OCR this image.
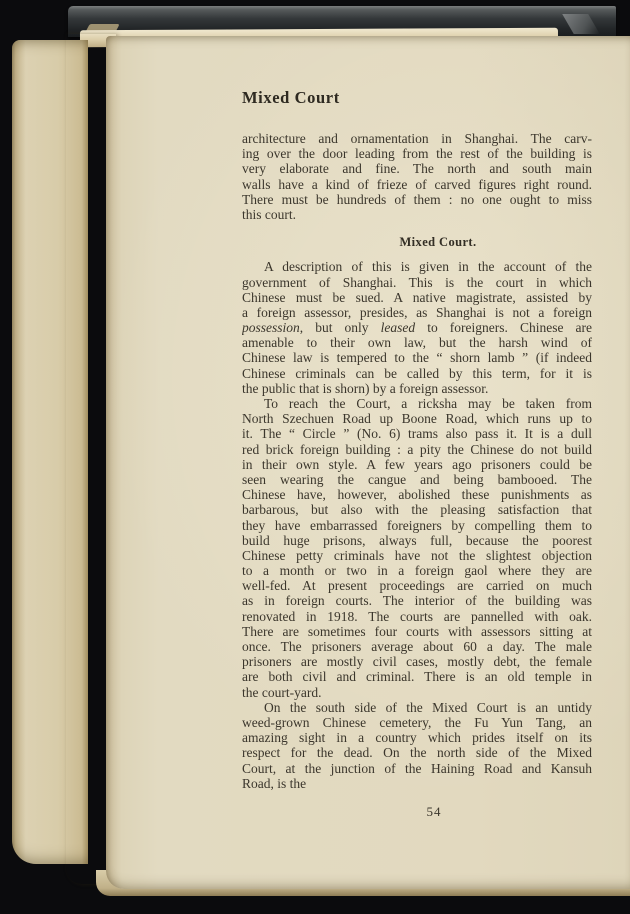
Mixed Court
architecture and ornamentation in Shanghai. The carv-
ing over the door leading from the rest of the building is
very elaborate and fine. The north and south main
walls have a kind of frieze of carved figures right round.
There must be hundreds of them : no one ought to miss
this court.
Mixed Court.
A description of this is given in the account of the
government of Shanghai. This is the court in which
Chinese must be sued. A native magistrate, assisted by
a foreign assessor, presides, as Shanghai is not a foreign
possession, but only leased to foreigners. Chinese are
amenable to their own law, but the harsh wind of
Chinese law is tempered to the “ shorn lamb ” (if indeed
Chinese criminals can be called by this term, for it is
the public that is shorn) by a foreign assessor.
To reach the Court, a ricksha may be taken from
North Szechuen Road up Boone Road, which runs up to
it. The “ Circle ” (No. 6) trams also pass it. It is a dull
red brick foreign building : a pity the Chinese do not build
in their own style. A few years ago prisoners could be
seen wearing the cangue and being bambooed. The
Chinese have, however, abolished these punishments as
barbarous, but also with the pleasing satisfaction that
they have embarrassed foreigners by compelling them to
build huge prisons, always full, because the poorest
Chinese petty criminals have not the slightest objection
to a month or two in a foreign gaol where they are
well-fed. At present proceedings are carried on much
as in foreign courts. The interior of the building was
renovated in 1918. The courts are pannelled with oak.
There are sometimes four courts with assessors sitting at
once. The prisoners average about 60 a day. The male
prisoners are mostly civil cases, mostly debt, the female
are both civil and criminal. There is an old temple in
the court-yard.
On the south side of the Mixed Court is an untidy
weed-grown Chinese cemetery, the Fu Yun Tang, an
amazing sight in a country which prides itself on its
respect for the dead. On the north side of the Mixed
Court, at the junction of the Haining Road and Kansuh
Road, is the
54
